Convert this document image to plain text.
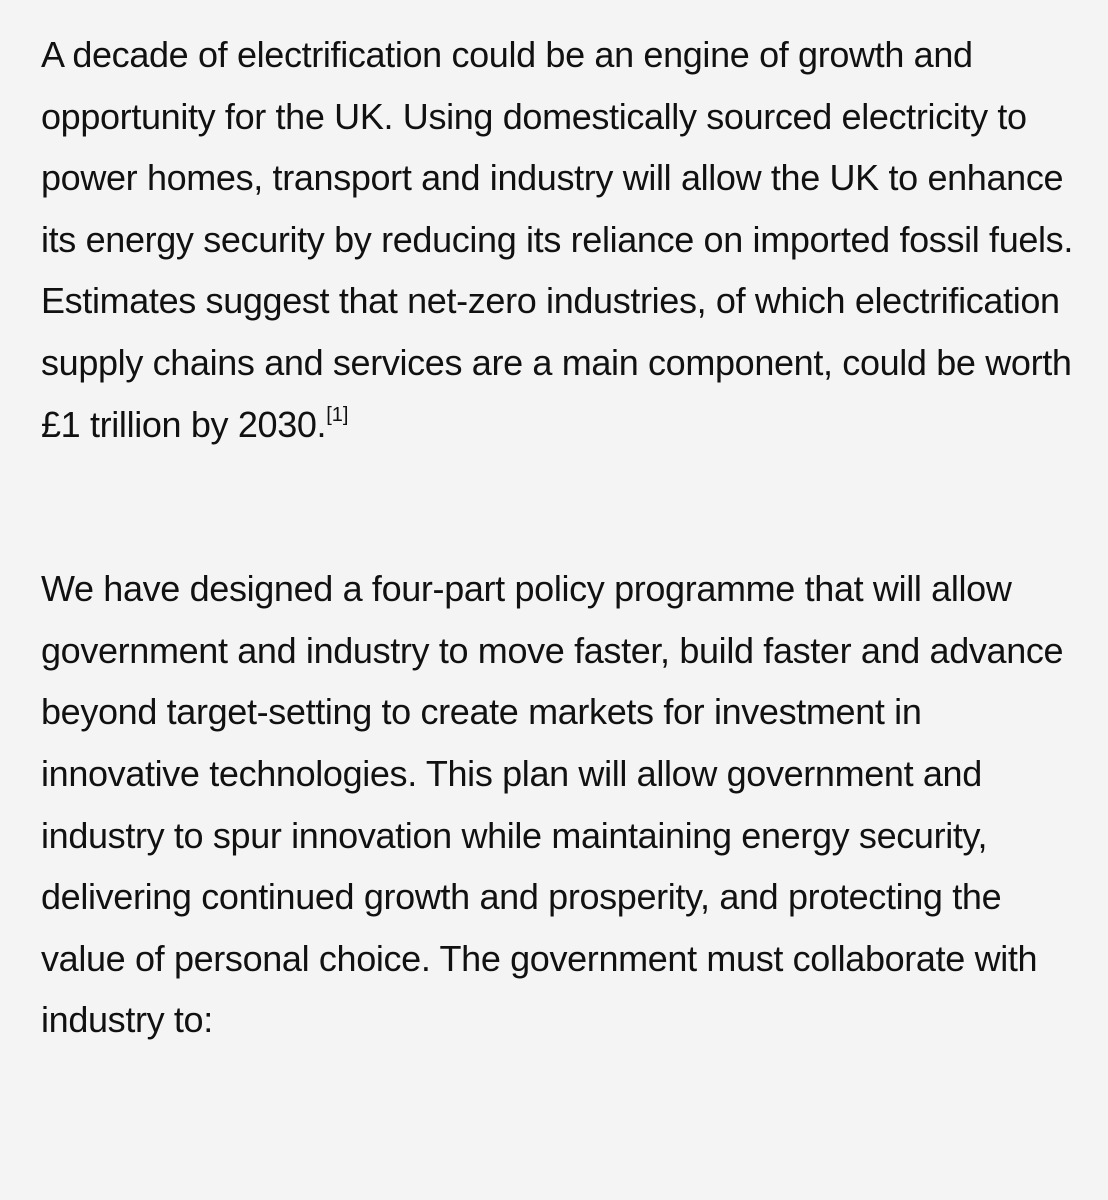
A decade of electrification could be an engine of growth and opportunity for the UK. Using domestically sourced electricity to power homes, transport and industry will allow the UK to enhance its energy security by reducing its reliance on imported fossil fuels. Estimates suggest that net-zero industries, of which electrification supply chains and services are a main component, could be worth £1 trillion by 2030.[1]

We have designed a four-part policy programme that will allow government and industry to move faster, build faster and advance beyond target-setting to create markets for investment in innovative technologies. This plan will allow government and industry to spur innovation while maintaining energy security, delivering continued growth and prosperity, and protecting the value of personal choice. The government must collaborate with industry to:
